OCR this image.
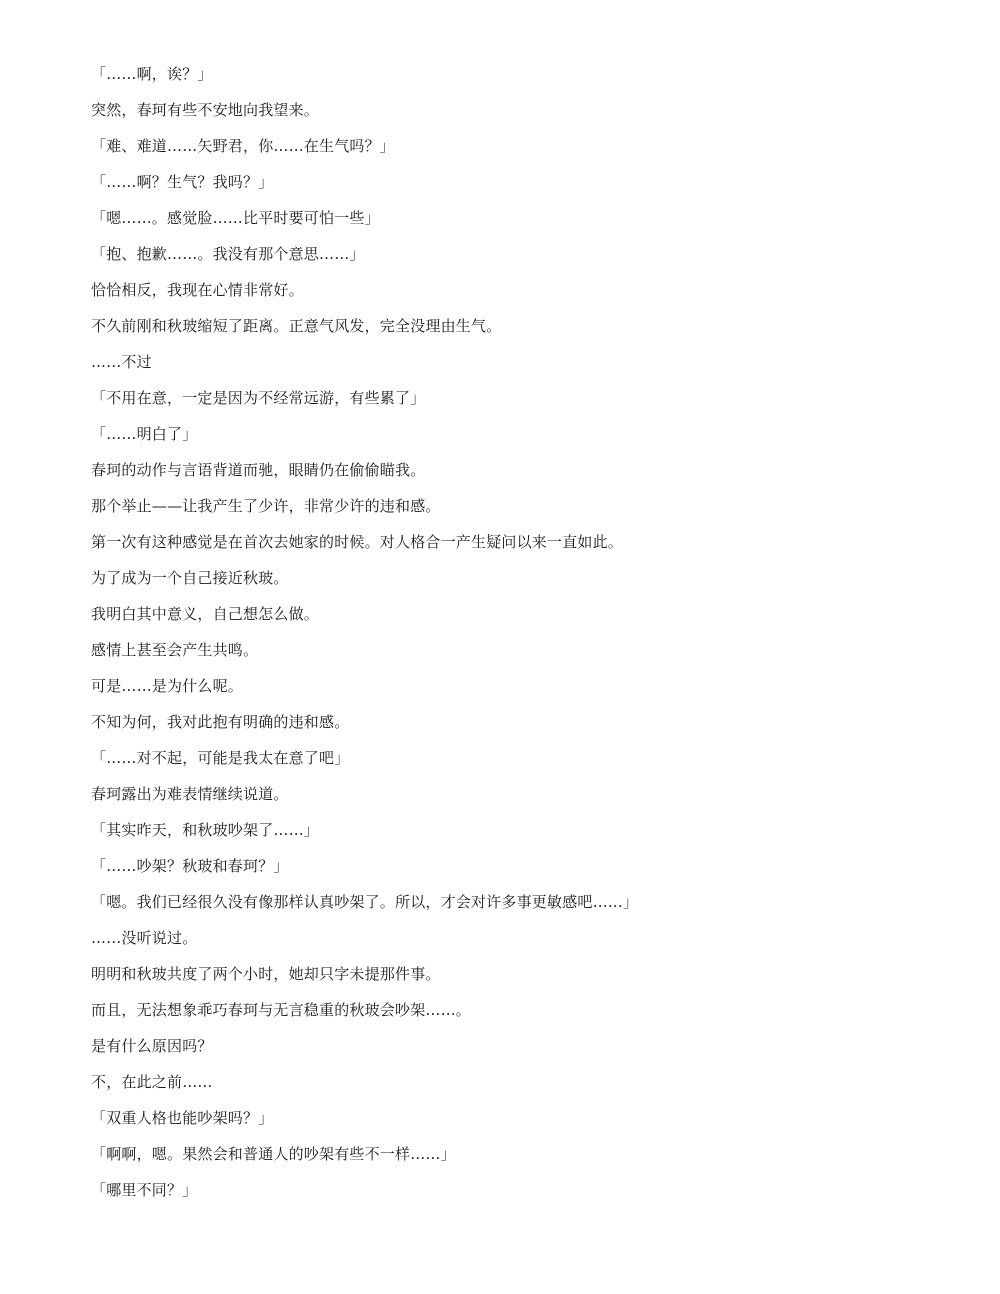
「……啊，诶？」
突然，春珂有些不安地向我望来。
「难、难道……矢野君，你……在生气吗？」
「……啊？生气？我吗？」
「嗯……。感觉脸……比平时要可怕一些」
「抱、抱歉……。我没有那个意思……」
恰恰相反，我现在心情非常好。
不久前刚和秋玻缩短了距离。正意气风发，完全没理由生气。
……不过
「不用在意，一定是因为不经常远游，有些累了」
「……明白了」
春珂的动作与言语背道而驰，眼睛仍在偷偷瞄我。
那个举止——让我产生了少许，非常少许的违和感。
第一次有这种感觉是在首次去她家的时候。对人格合一产生疑问以来一直如此。
为了成为一个自己接近秋玻。
我明白其中意义，自己想怎么做。
感情上甚至会产生共鸣。
可是……是为什么呢。
不知为何，我对此抱有明确的违和感。
「……对不起，可能是我太在意了吧」
春珂露出为难表情继续说道。
「其实昨天，和秋玻吵架了……」
「……吵架？秋玻和春珂？」
「嗯。我们已经很久没有像那样认真吵架了。所以，才会对许多事更敏感吧……」
……没听说过。
明明和秋玻共度了两个小时，她却只字未提那件事。
而且，无法想象乖巧春珂与无言稳重的秋玻会吵架……。
是有什么原因吗？
不，在此之前……
「双重人格也能吵架吗？」
「啊啊，嗯。果然会和普通人的吵架有些不一样……」
「哪里不同？」
